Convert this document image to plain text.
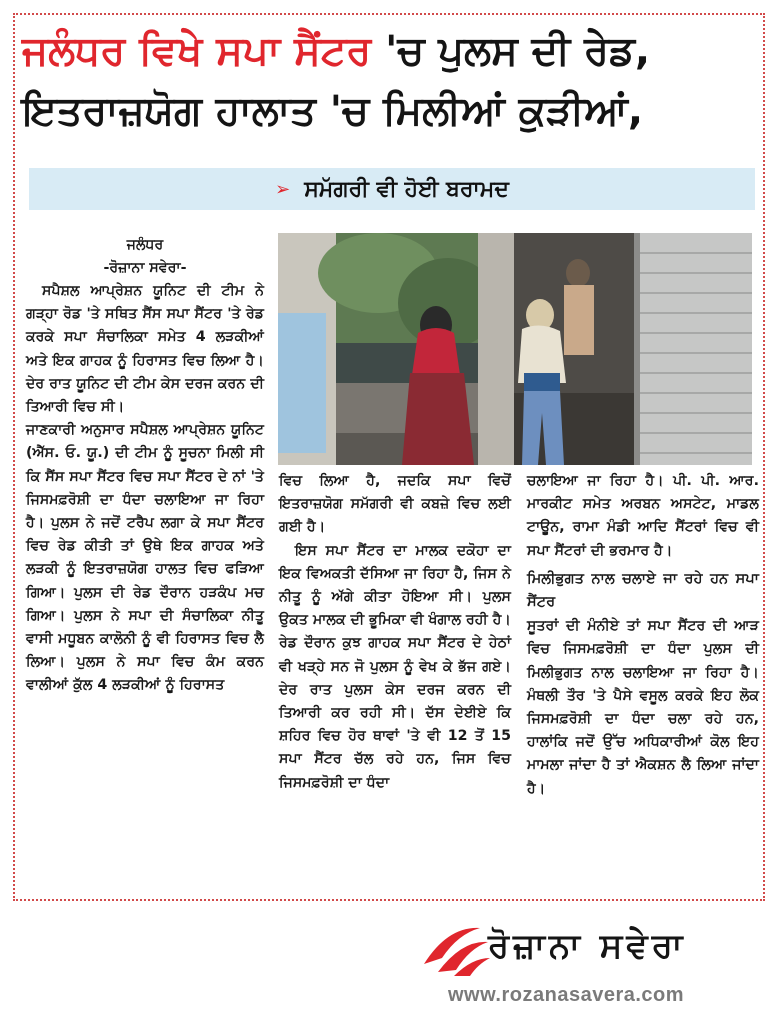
ਜਲੰਧਰ ਵਿਖੇ ਸਪਾ ਸੈਂਟਰ 'ਚ ਪੁਲਸ ਦੀ ਰੇਡ,
ਇਤਰਾਜ਼ਯੋਗ ਹਾਲਾਤ 'ਚ ਮਿਲੀਆਂ ਕੁੜੀਆਂ,
➢ ਸਮੱਗਰੀ ਵੀ ਹੋਈ ਬਰਾਮਦ

ਜਲੰਧਰ

-ਰੋਜ਼ਾਨਾ ਸਵੇਰਾ-

ਸਪੈਸ਼ਲ ਆਪ੍ਰੇਸ਼ਨ ਯੂਨਿਟ ਦੀ ਟੀਮ ਨੇ ਗੜ੍ਹਾ ਰੋਡ 'ਤੇ ਸਥਿਤ ਸੈਂਸ ਸਪਾ ਸੈਂਟਰ 'ਤੇ ਰੇਡ ਕਰਕੇ ਸਪਾ ਸੰਚਾਲਿਕਾ ਸਮੇਤ 4 ਲੜਕੀਆਂ ਅਤੇ ਇਕ ਗਾਹਕ ਨੂੰ ਹਿਰਾਸਤ ਵਿਚ ਲਿਆ ਹੈ। ਦੇਰ ਰਾਤ ਯੂਨਿਟ ਦੀ ਟੀਮ ਕੇਸ ਦਰਜ ਕਰਨ ਦੀ ਤਿਆਰੀ ਵਿਚ ਸੀ।

ਜਾਣਕਾਰੀ ਅਨੁਸਾਰ ਸਪੈਸ਼ਲ ਆਪ੍ਰੇਸ਼ਨ ਯੂਨਿਟ (ਐੱਸ. ਓ. ਯੂ.) ਦੀ ਟੀਮ ਨੂੰ ਸੂਚਨਾ ਮਿਲੀ ਸੀ ਕਿ ਸੈਂਸ ਸਪਾ ਸੈਂਟਰ ਵਿਚ ਸਪਾ ਸੈਂਟਰ ਦੇ ਨਾਂ 'ਤੇ ਜਿਸਮਫ਼ਰੋਸ਼ੀ ਦਾ ਧੰਦਾ ਚਲਾਇਆ ਜਾ ਰਿਹਾ ਹੈ। ਪੁਲਸ ਨੇ ਜਦੋਂ ਟਰੈਪ ਲਗਾ ਕੇ ਸਪਾ ਸੈਂਟਰ ਵਿਚ ਰੇਡ ਕੀਤੀ ਤਾਂ ਉਥੇ ਇਕ ਗਾਹਕ ਅਤੇ ਲੜਕੀ ਨੂੰ ਇਤਰਾਜ਼ਯੋਗ ਹਾਲਤ ਵਿਚ ਫੜਿਆ ਗਿਆ। ਪੁਲਸ ਦੀ ਰੇਡ ਦੌਰਾਨ ਹੜਕੰਪ ਮਚ ਗਿਆ। ਪੁਲਸ ਨੇ ਸਪਾ ਦੀ ਸੰਚਾਲਿਕਾ ਨੀਤੂ ਵਾਸੀ ਮਧੂਬਨ ਕਾਲੋਨੀ ਨੂੰ ਵੀ ਹਿਰਾਸਤ ਵਿਚ ਲੈ ਲਿਆ। ਪੁਲਸ ਨੇ ਸਪਾ ਵਿਚ ਕੰਮ ਕਰਨ ਵਾਲੀਆਂ ਕੁੱਲ 4 ਲੜਕੀਆਂ ਨੂੰ ਹਿਰਾਸਤ

ਵਿਚ ਲਿਆ ਹੈ, ਜਦਕਿ ਸਪਾ ਵਿਚੋਂ ਇਤਰਾਜ਼ਯੋਗ ਸਮੱਗਰੀ ਵੀ ਕਬਜ਼ੇ ਵਿਚ ਲਈ ਗਈ ਹੈ।

ਇਸ ਸਪਾ ਸੈਂਟਰ ਦਾ ਮਾਲਕ ਦਕੋਹਾ ਦਾ ਇਕ ਵਿਅਕਤੀ ਦੱਸਿਆ ਜਾ ਰਿਹਾ ਹੈ, ਜਿਸ ਨੇ ਨੀਤੂ ਨੂੰ ਅੱਗੇ ਕੀਤਾ ਹੋਇਆ ਸੀ। ਪੁਲਸ ਉਕਤ ਮਾਲਕ ਦੀ ਭੂਮਿਕਾ ਵੀ ਖੰਗਾਲ ਰਹੀ ਹੈ। ਰੇਡ ਦੌਰਾਨ ਕੁਝ ਗਾਹਕ ਸਪਾ ਸੈਂਟਰ ਦੇ ਹੇਠਾਂ ਵੀ ਖੜ੍ਹੇ ਸਨ ਜੋ ਪੁਲਸ ਨੂੰ ਵੇਖ ਕੇ ਭੱਜ ਗਏ। ਦੇਰ ਰਾਤ ਪੁਲਸ ਕੇਸ ਦਰਜ ਕਰਨ ਦੀ ਤਿਆਰੀ ਕਰ ਰਹੀ ਸੀ। ਦੱਸ ਦੇਈਏ ਕਿ ਸ਼ਹਿਰ ਵਿਚ ਹੋਰ ਥਾਵਾਂ 'ਤੇ ਵੀ 12 ਤੋਂ 15 ਸਪਾ ਸੈਂਟਰ ਚੱਲ ਰਹੇ ਹਨ, ਜਿਸ ਵਿਚ ਜਿਸਮਫ਼ਰੋਸ਼ੀ ਦਾ ਧੰਦਾ

ਚਲਾਇਆ ਜਾ ਰਿਹਾ ਹੈ। ਪੀ. ਪੀ. ਆਰ. ਮਾਰਕੀਟ ਸਮੇਤ ਅਰਬਨ ਅਸਟੇਟ, ਮਾਡਲ ਟਾਊਨ, ਰਾਮਾ ਮੰਡੀ ਆਦਿ ਸੈਂਟਰਾਂ ਵਿਚ ਵੀ ਸਪਾ ਸੈਂਟਰਾਂ ਦੀ ਭਰਮਾਰ ਹੈ।

ਮਿਲੀਭੁਗਤ ਨਾਲ ਚਲਾਏ ਜਾ ਰਹੇ ਹਨ ਸਪਾ ਸੈਂਟਰ

ਸੂਤਰਾਂ ਦੀ ਮੰਨੀਏ ਤਾਂ ਸਪਾ ਸੈਂਟਰ ਦੀ ਆੜ ਵਿਚ ਜਿਸਮਫ਼ਰੋਸ਼ੀ ਦਾ ਧੰਦਾ ਪੁਲਸ ਦੀ ਮਿਲੀਭੁਗਤ ਨਾਲ ਚਲਾਇਆ ਜਾ ਰਿਹਾ ਹੈ। ਮੰਥਲੀ ਤੌਰ 'ਤੇ ਪੈਸੇ ਵਸੂਲ ਕਰਕੇ ਇਹ ਲੋਕ ਜਿਸਮਫ਼ਰੋਸ਼ੀ ਦਾ ਧੰਦਾ ਚਲਾ ਰਹੇ ਹਨ, ਹਾਲਾਂਕਿ ਜਦੋਂ ਉੱਚ ਅਧਿਕਾਰੀਆਂ ਕੋਲ ਇਹ ਮਾਮਲਾ ਜਾਂਦਾ ਹੈ ਤਾਂ ਐਕਸ਼ਨ ਲੈ ਲਿਆ ਜਾਂਦਾ ਹੈ।

ਰੋਜ਼ਾਨਾ ਸਵੇਰਾ
www.rozanasavera.com
